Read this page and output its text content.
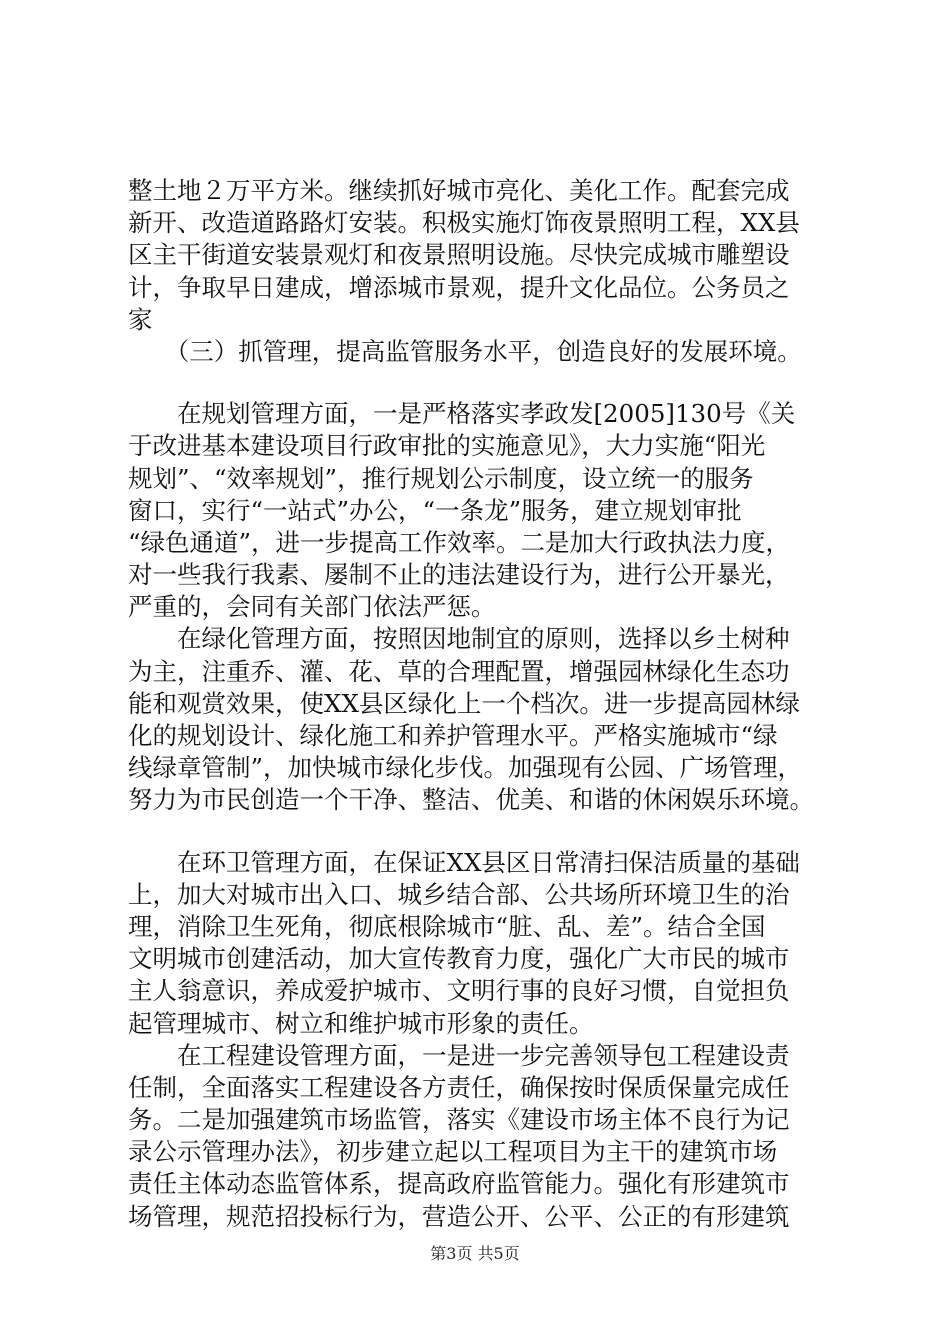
整土地２万平方米。继续抓好城市亮化、美化工作。配套完成
新开、改造道路路灯安装。积极实施灯饰夜景照明工程，XX县
区主干街道安装景观灯和夜景照明设施。尽快完成城市雕塑设
计，争取早日建成，增添城市景观，提升文化品位。公务员之
家
　　（三）抓管理，提高监管服务水平，创造良好的发展环境。
　　在规划管理方面，一是严格落实孝政发[2005]130号《关
于改进基本建设项目行政审批的实施意见》，大力实施“阳光
规划”、“效率规划”，推行规划公示制度，设立统一的服务
窗口，实行“一站式”办公，“一条龙”服务，建立规划审批
“绿色通道”，进一步提高工作效率。二是加大行政执法力度，
对一些我行我素、屡制不止的违法建设行为，进行公开暴光，
严重的，会同有关部门依法严惩。
　　在绿化管理方面，按照因地制宜的原则，选择以乡土树种
为主，注重乔、灌、花、草的合理配置，增强园林绿化生态功
能和观赏效果，使XX县区绿化上一个档次。进一步提高园林绿
化的规划设计、绿化施工和养护管理水平。严格实施城市“绿
线绿章管制”，加快城市绿化步伐。加强现有公园、广场管理，
努力为市民创造一个干净、整洁、优美、和谐的休闲娱乐环境。
　　在环卫管理方面，在保证XX县区日常清扫保洁质量的基础
上，加大对城市出入口、城乡结合部、公共场所环境卫生的治
理，消除卫生死角，彻底根除城市“脏、乱、差”。结合全国
文明城市创建活动，加大宣传教育力度，强化广大市民的城市
主人翁意识，养成爱护城市、文明行事的良好习惯，自觉担负
起管理城市、树立和维护城市形象的责任。
　　在工程建设管理方面，一是进一步完善领导包工程建设责
任制，全面落实工程建设各方责任，确保按时保质保量完成任
务。二是加强建筑市场监管，落实《建设市场主体不良行为记
录公示管理办法》，初步建立起以工程项目为主干的建筑市场
责任主体动态监管体系，提高政府监管能力。强化有形建筑市
场管理，规范招投标行为，营造公开、公平、公正的有形建筑
第3页 共5页
